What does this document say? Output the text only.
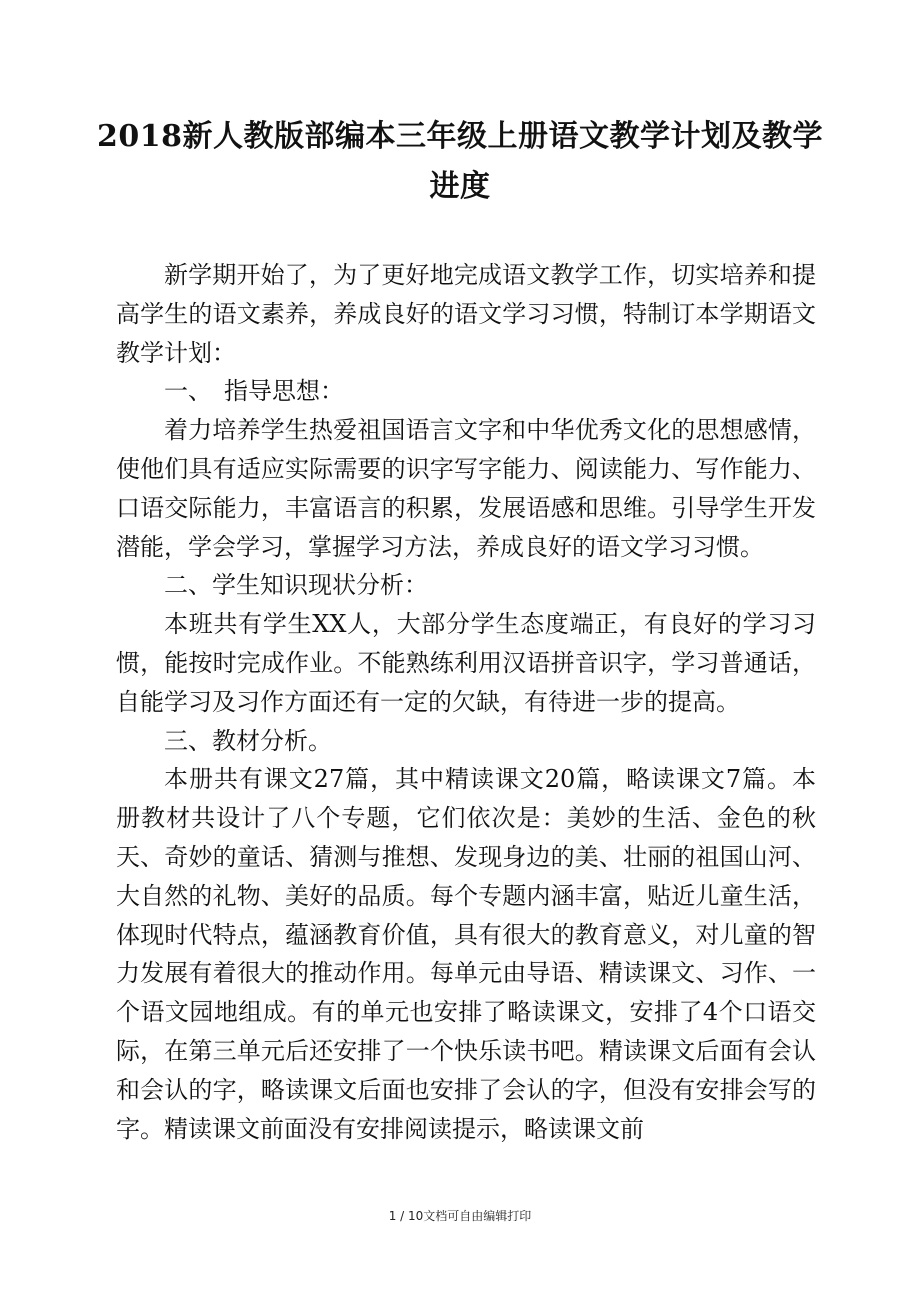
2018新人教版部编本三年级上册语文教学计划及教学进度

新学期开始了，为了更好地完成语文教学工作，切实培养和提高学生的语文素养，养成良好的语文学习习惯，特制订本学期语文教学计划：

一、　指导思想：

着力培养学生热爱祖国语言文字和中华优秀文化的思想感情，使他们具有适应实际需要的识字写字能力、阅读能力、写作能力、口语交际能力，丰富语言的积累，发展语感和思维。引导学生开发潜能，学会学习，掌握学习方法，养成良好的语文学习习惯。

二、学生知识现状分析：

本班共有学生XX人，大部分学生态度端正，有良好的学习习惯，能按时完成作业。不能熟练利用汉语拼音识字，学习普通话，自能学习及习作方面还有一定的欠缺，有待进一步的提高。

三、教材分析。

本册共有课文27篇，其中精读课文20篇，略读课文7篇。本册教材共设计了八个专题，它们依次是：美妙的生活、金色的秋天、奇妙的童话、猜测与推想、发现身边的美、壮丽的祖国山河、大自然的礼物、美好的品质。每个专题内涵丰富，贴近儿童生活，体现时代特点，蕴涵教育价值，具有很大的教育意义，对儿童的智力发展有着很大的推动作用。每单元由导语、精读课文、习作、一个语文园地组成。有的单元也安排了略读课文，安排了4个口语交际，在第三单元后还安排了一个快乐读书吧。精读课文后面有会认和会认的字，略读课文后面也安排了会认的字，但没有安排会写的字。精读课文前面没有安排阅读提示，略读课文前

1 / 10文档可自由编辑打印
